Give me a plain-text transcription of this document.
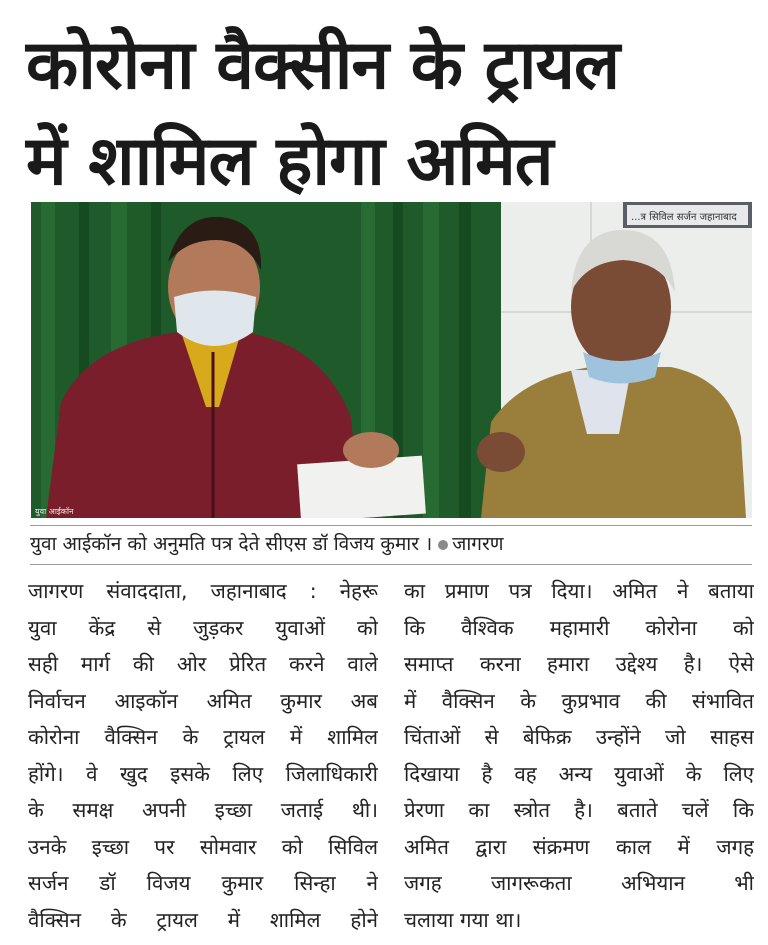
कोरोना वैक्सीन के ट्रायल
में शामिल होगा अमित
...त्र सिविल सर्जन जहानाबाद
युवा आईकॉन
युवा आईकॉन को अनुमति पत्र देते सीएस डॉ विजय कुमार । जागरण
जागरण संवाददाता, जहानाबाद : नेहरू
युवा केंद्र से जुड़कर युवाओं को
सही मार्ग की ओर प्रेरित करने वाले
निर्वाचन आइकॉन अमित कुमार अब
कोरोना वैक्सिन के ट्रायल में शामिल
होंगे। वे खुद इसके लिए जिलाधिकारी
के समक्ष अपनी इच्छा जताई थी।
उनके इच्छा पर सोमवार को सिविल
सर्जन डॉ विजय कुमार सिन्हा ने
वैक्सिन के ट्रायल में शामिल होने
का प्रमाण पत्र दिया। अमित ने बताया
कि वैश्विक महामारी कोरोना को
समाप्त करना हमारा उद्देश्य है। ऐसे
में वैक्सिन के कुप्रभाव की संभावित
चिंताओं से बेफिक्र उन्होंने जो साहस
दिखाया है वह अन्य युवाओं के लिए
प्रेरणा का स्त्रोत है। बताते चलें कि
अमित द्वारा संक्रमण काल में जगह
जगह जागरूकता अभियान भी
चलाया गया था।
